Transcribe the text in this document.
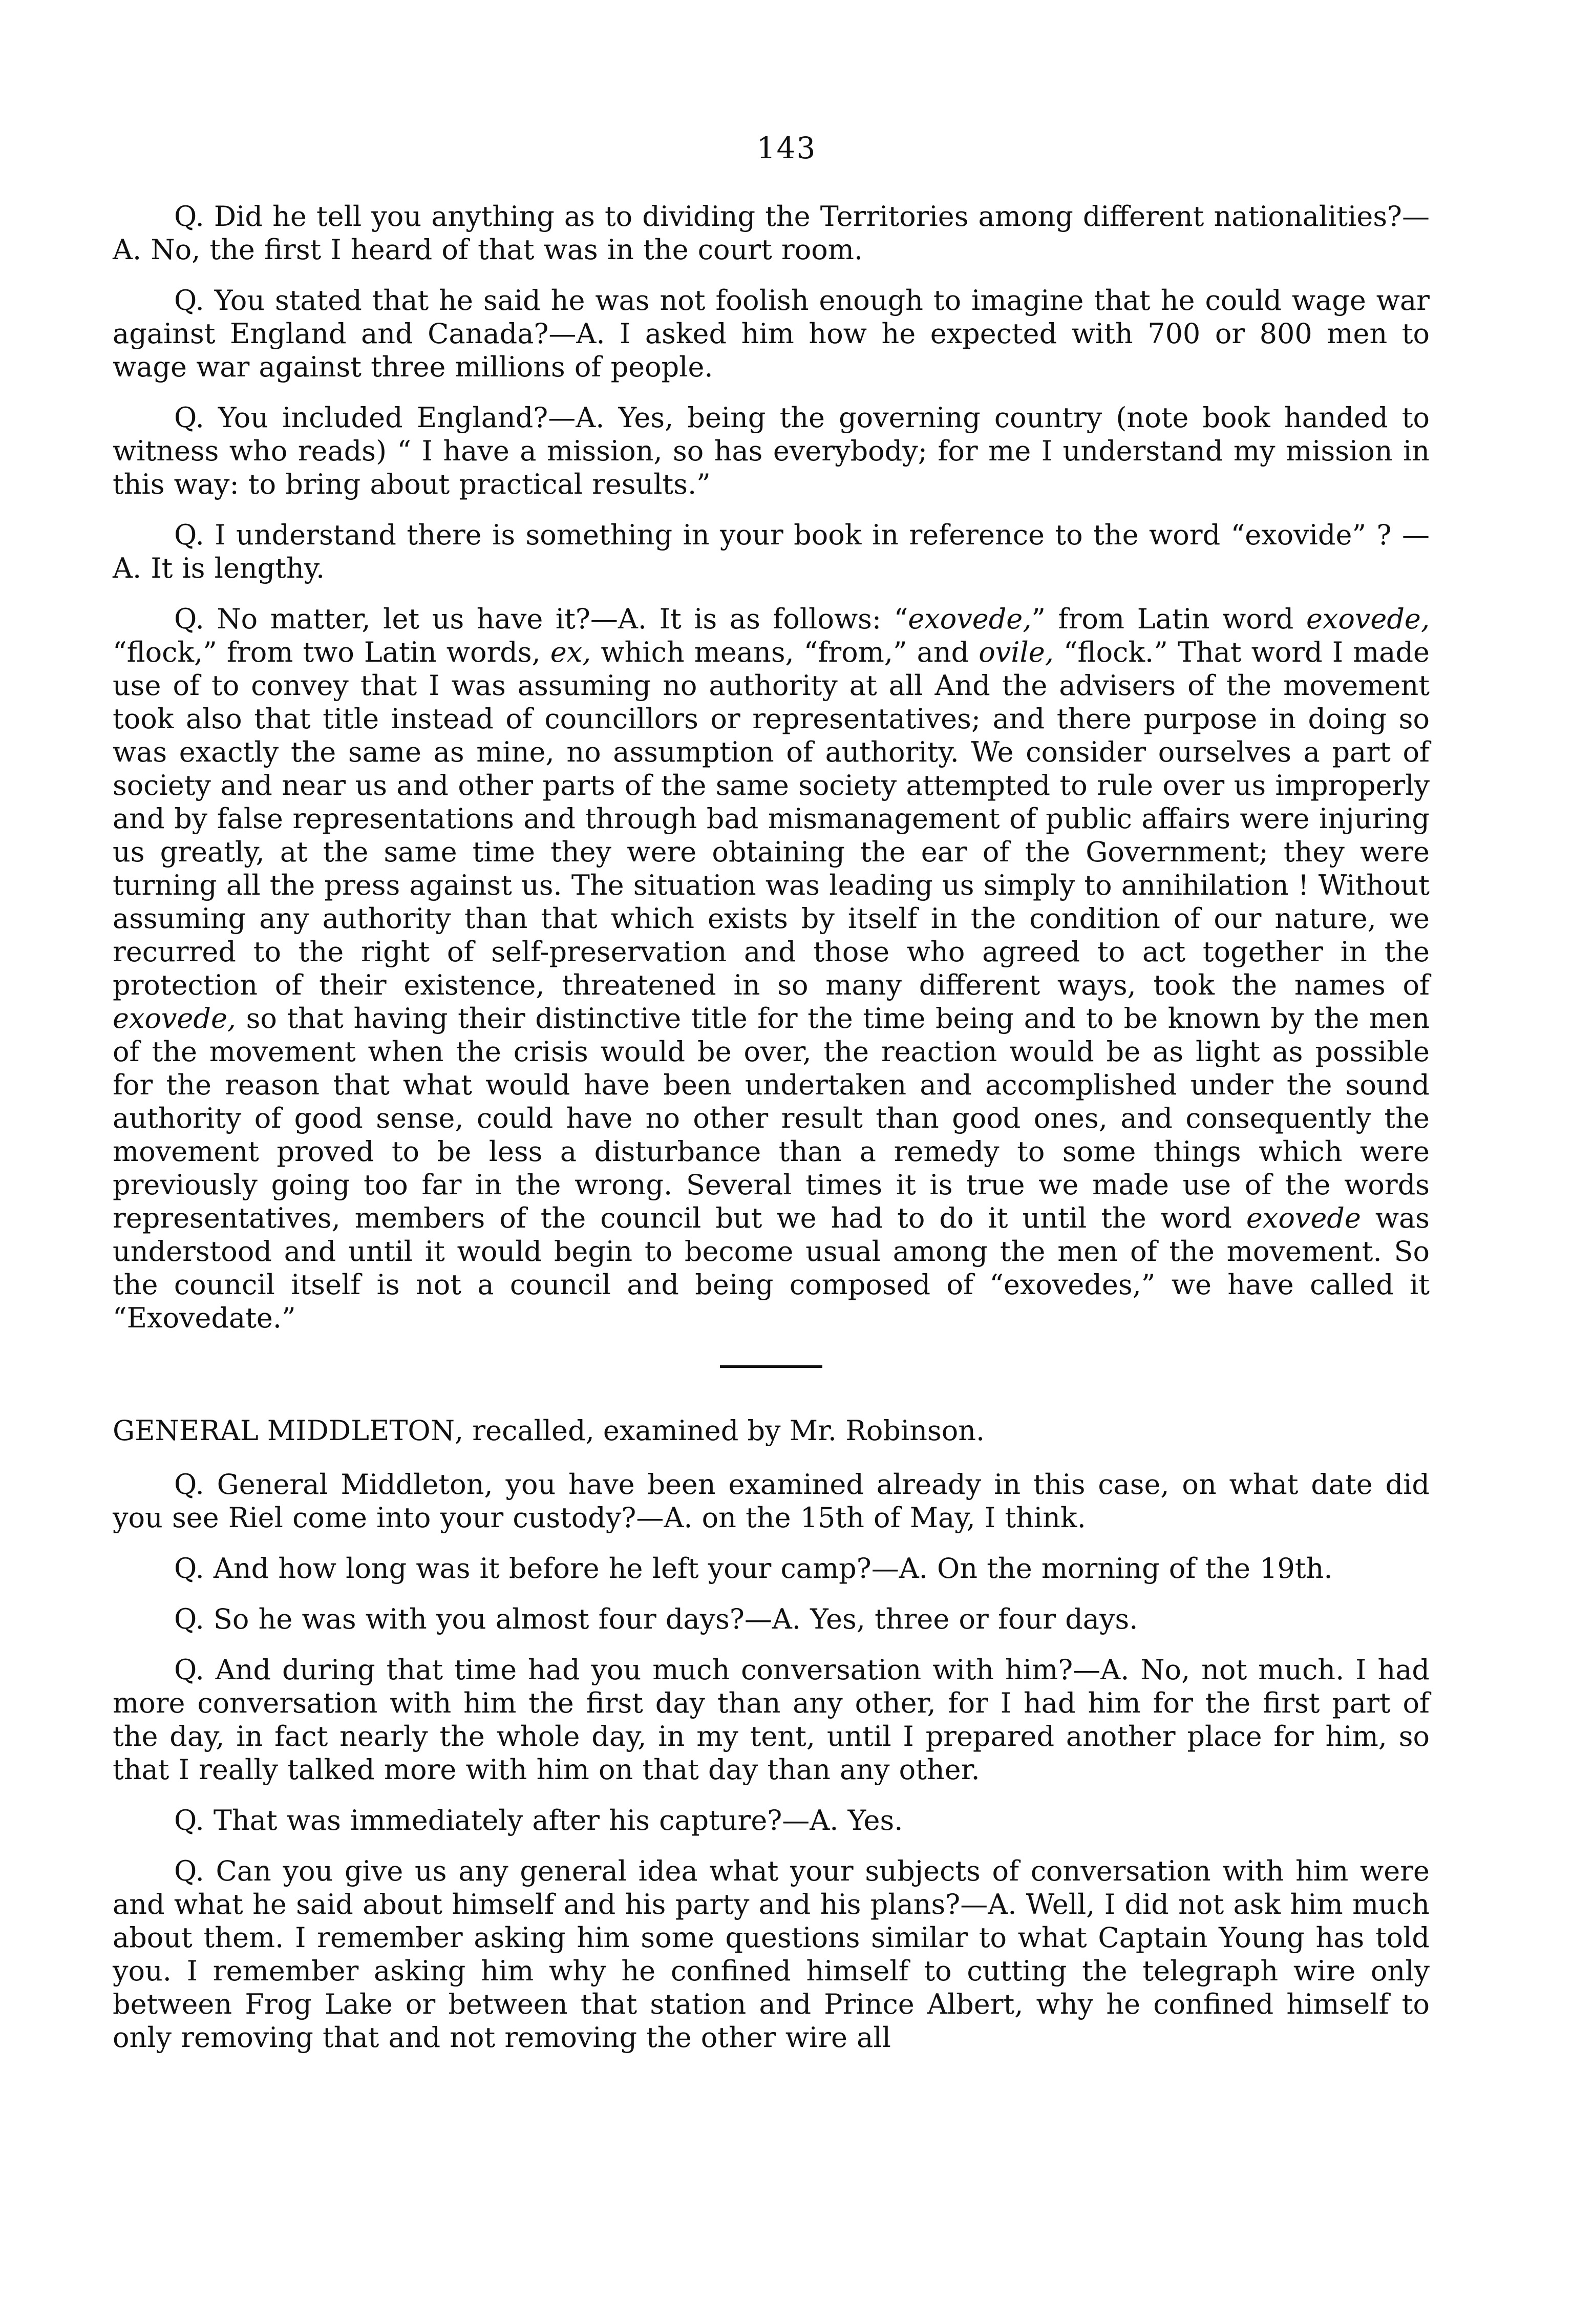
143

Q. Did he tell you anything as to dividing the Territories among different nationalities?—A. No, the first I heard of that was in the court room.

Q. You stated that he said he was not foolish enough to imagine that he could wage war against England and Canada?—A. I asked him how he expected with 700 or 800 men to wage war against three millions of people.

Q. You included England?—A. Yes, being the governing country (note book handed to witness who reads) “ I have a mission, so has everybody; for me I understand my mission in this way: to bring about practical results.”

Q. I understand there is something in your book in reference to the word “exovide” ? —A. It is lengthy.

Q. No matter, let us have it?—A. It is as follows: “exovede,” from Latin word exovede, “flock,” from two Latin words, ex, which means, “from,” and ovile, “flock.” That word I made use of to convey that I was assuming no authority at all And the advisers of the movement took also that title instead of councillors or representatives; and there purpose in doing so was exactly the same as mine, no assumption of authority. We consider ourselves a part of society and near us and other parts of the same society attempted to rule over us improperly and by false representations and through bad mismanagement of public affairs were injuring us greatly, at the same time they were obtaining the ear of the Government; they were turning all the press against us. The situation was leading us simply to annihilation ! Without assuming any authority than that which exists by itself in the condition of our nature, we recurred to the right of self-preservation and those who agreed to act together in the protection of their existence, threatened in so many different ways, took the names of exovede, so that having their distinctive title for the time being and to be known by the men of the movement when the crisis would be over, the reaction would be as light as possible for the reason that what would have been undertaken and accomplished under the sound authority of good sense, could have no other result than good ones, and consequently the movement proved to be less a disturbance than a remedy to some things which were previously going too far in the wrong. Several times it is true we made use of the words representatives, members of the council but we had to do it until the word exovede was understood and until it would begin to become usual among the men of the movement. So the council itself is not a council and being composed of “exovedes,” we have called it “Exovedate.”

GENERAL MIDDLETON, recalled, examined by Mr. Robinson.

Q. General Middleton, you have been examined already in this case, on what date did you see Riel come into your custody?—A. on the 15th of May, I think.

Q. And how long was it before he left your camp?—A. On the morning of the 19th.

Q. So he was with you almost four days?—A. Yes, three or four days.

Q. And during that time had you much conversation with him?—A. No, not much. I had more conversation with him the first day than any other, for I had him for the first part of the day, in fact nearly the whole day, in my tent, until I prepared another place for him, so that I really talked more with him on that day than any other.

Q. That was immediately after his capture?—A. Yes.

Q. Can you give us any general idea what your subjects of conversation with him were and what he said about himself and his party and his plans?—A. Well, I did not ask him much about them. I remember asking him some questions similar to what Captain Young has told you. I remember asking him why he confined himself to cutting the telegraph wire only between Frog Lake or between that station and Prince Albert, why he confined himself to only removing that and not removing the other wire all
